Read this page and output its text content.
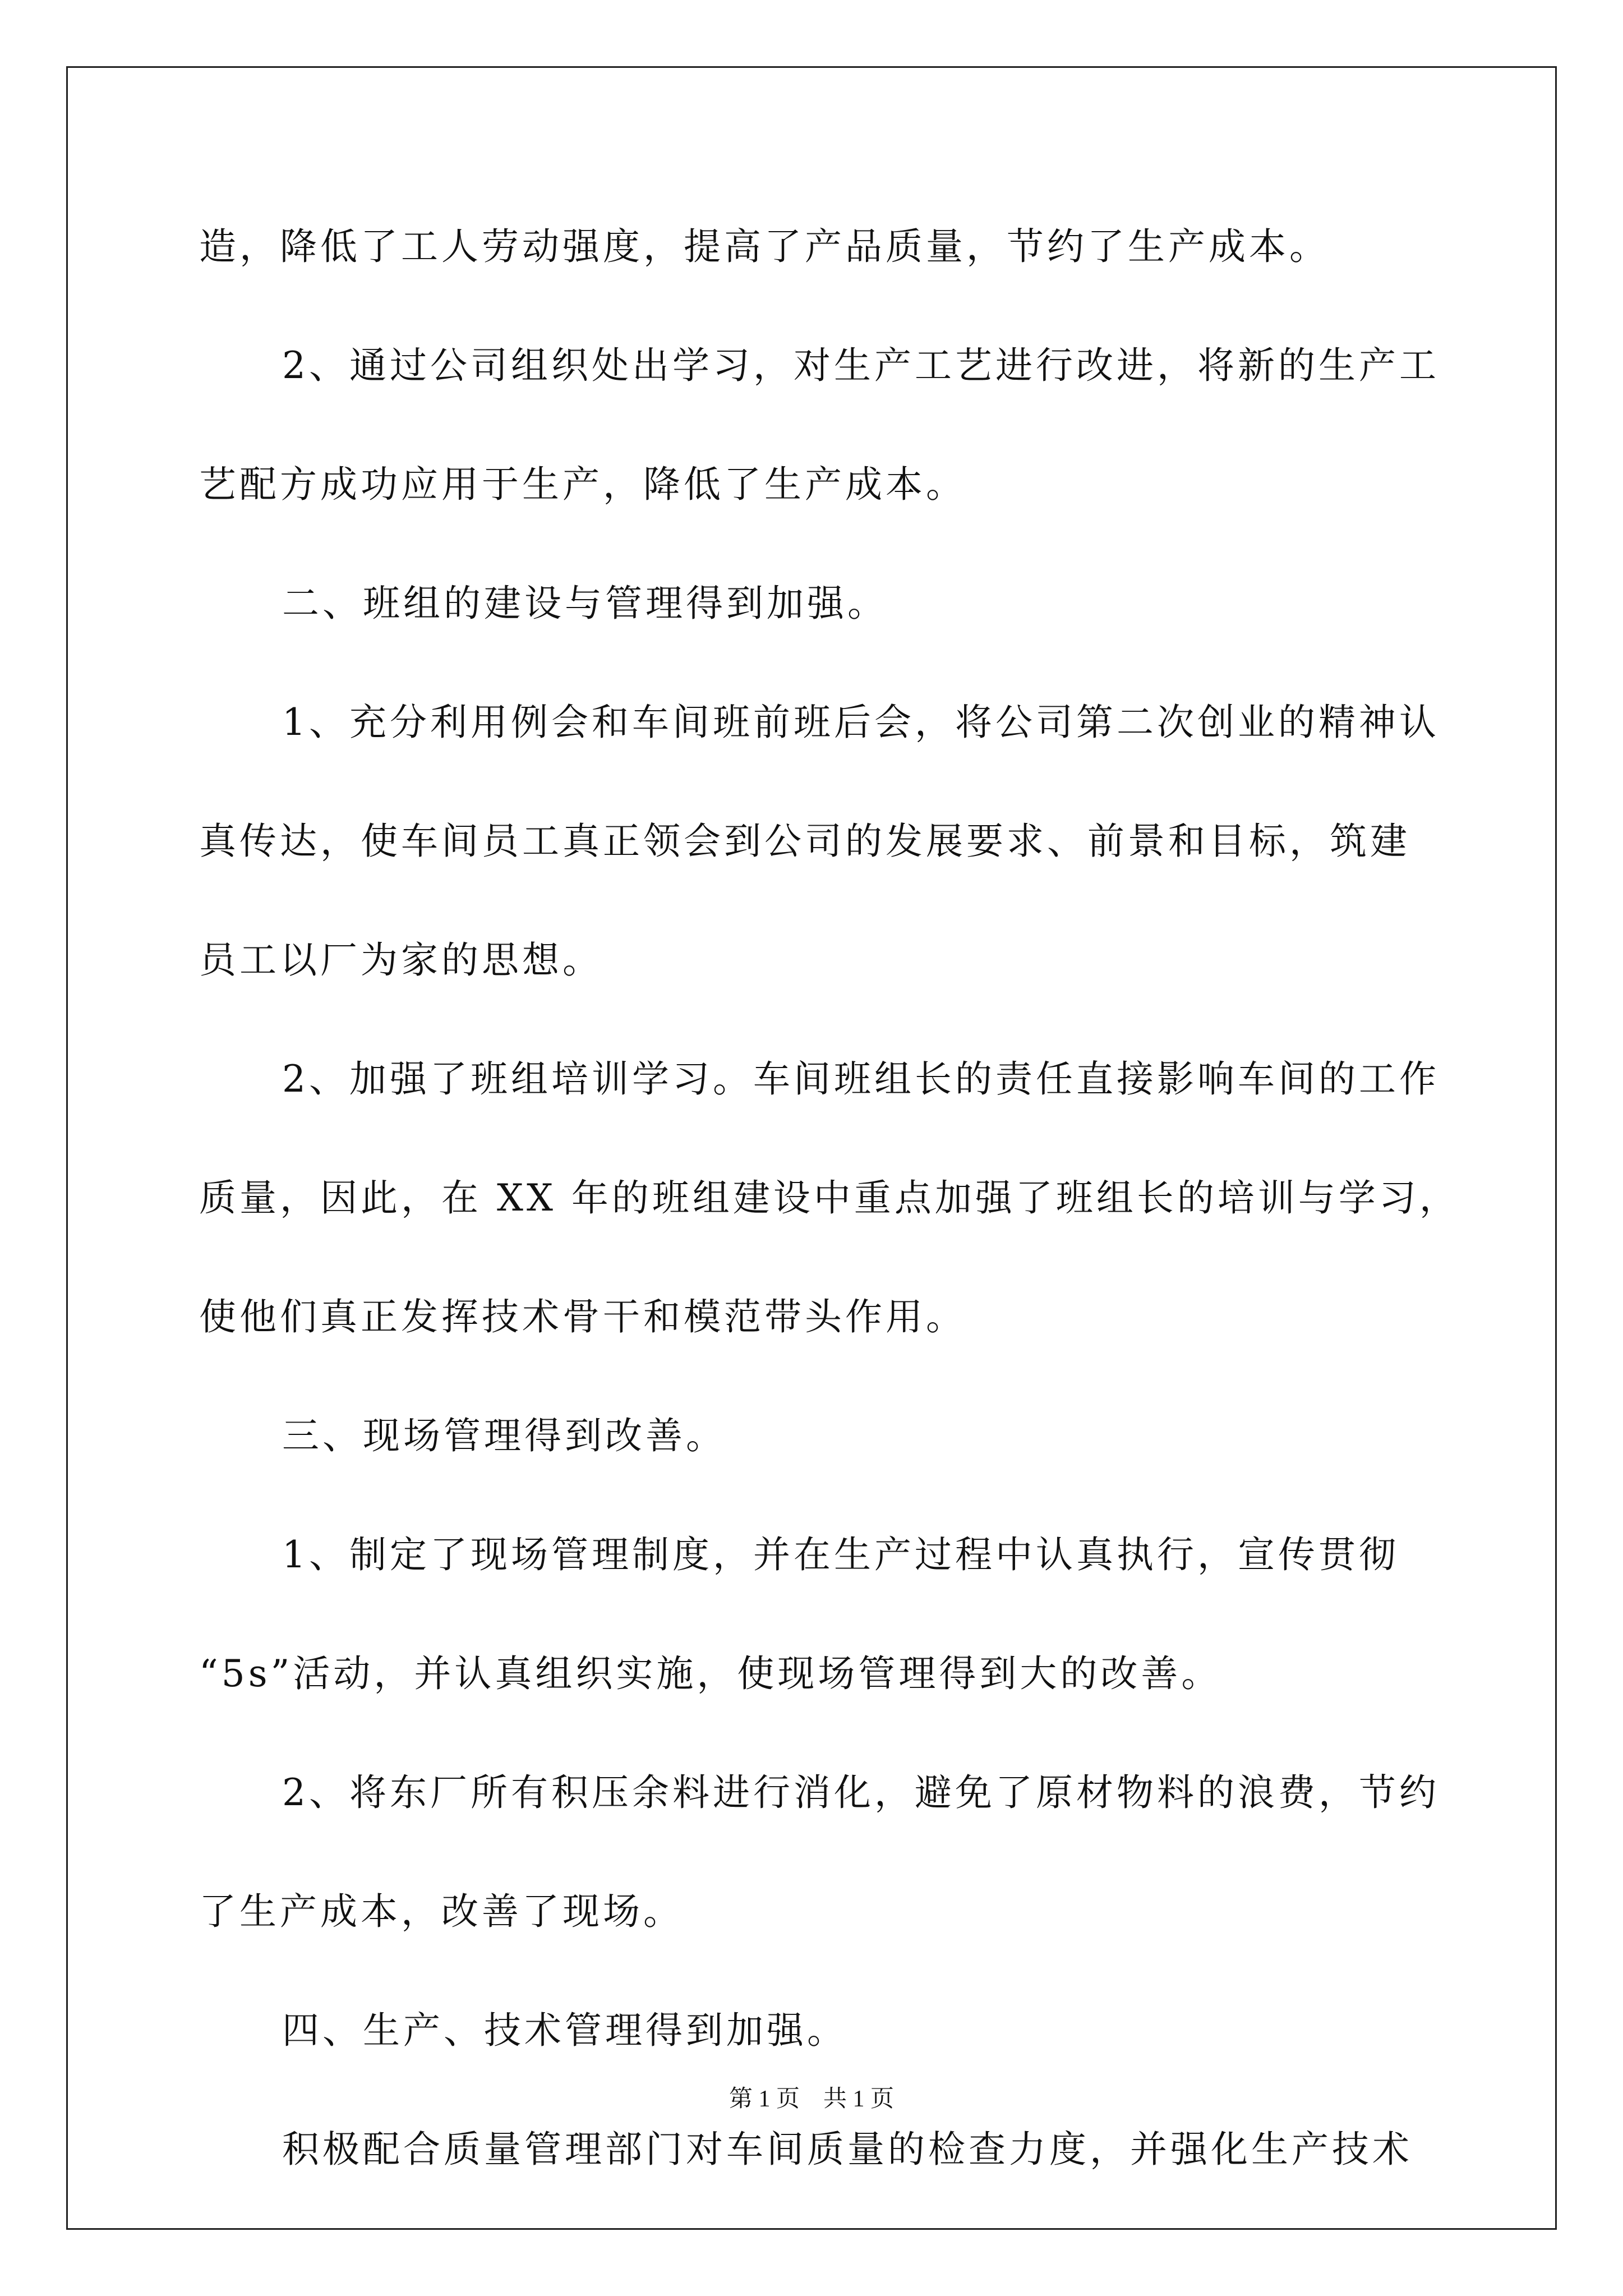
造，降低了工人劳动强度，提高了产品质量，节约了生产成本。
2、通过公司组织处出学习，对生产工艺进行改进，将新的生产工
艺配方成功应用于生产，降低了生产成本。
二、班组的建设与管理得到加强。
1、充分利用例会和车间班前班后会，将公司第二次创业的精神认
真传达，使车间员工真正领会到公司的发展要求、前景和目标，筑建
员工以厂为家的思想。
2、加强了班组培训学习。车间班组长的责任直接影响车间的工作
质量，因此，在 XX 年的班组建设中重点加强了班组长的培训与学习，
使他们真正发挥技术骨干和模范带头作用。
三、现场管理得到改善。
1、制定了现场管理制度，并在生产过程中认真执行，宣传贯彻
“5s”活动，并认真组织实施，使现场管理得到大的改善。
2、将东厂所有积压余料进行消化，避免了原材物料的浪费，节约
了生产成本，改善了现场。
四、生产、技术管理得到加强。
积极配合质量管理部门对车间质量的检查力度，并强化生产技术
第 1 页　共 1 页
